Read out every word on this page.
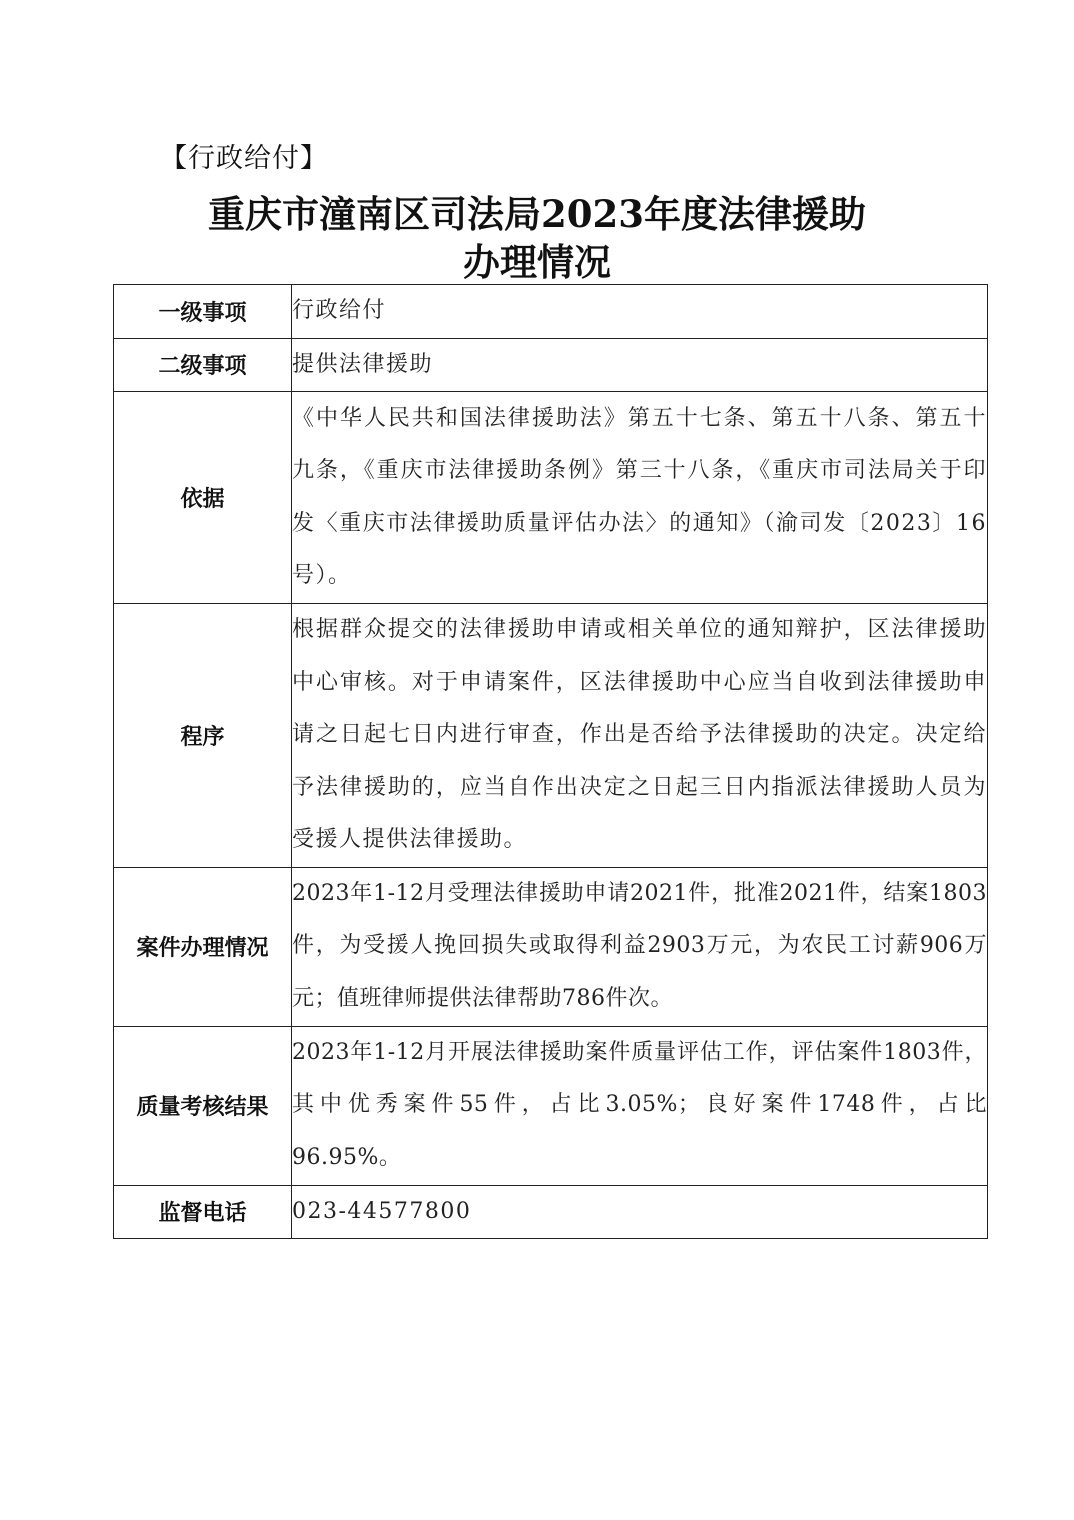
【行政给付】
重庆市潼南区司法局2023年度法律援助
办理情况
一级事项	行政给付
二级事项	提供法律援助
依据	《中华人民共和国法律援助法》第五十七条、第五十八条、第五十九条，《重庆市法律援助条例》第三十八条，《重庆市司法局关于印发〈重庆市法律援助质量评估办法〉的通知》（渝司发〔2023〕16号）。
程序	根据群众提交的法律援助申请或相关单位的通知辩护，区法律援助中心审核。对于申请案件，区法律援助中心应当自收到法律援助申请之日起七日内进行审查，作出是否给予法律援助的决定。决定给予法律援助的，应当自作出决定之日起三日内指派法律援助人员为受援人提供法律援助。
案件办理情况	2023年1-12月受理法律援助申请2021件，批准2021件，结案1803件，为受援人挽回损失或取得利益2903万元，为农民工讨薪906万元；值班律师提供法律帮助786件次。
质量考核结果	2023年1-12月开展法律援助案件质量评估工作，评估案件1803件，其中优秀案件55件，占比3.05%；良好案件1748件，占比96.95%。
监督电话	023-44577800
